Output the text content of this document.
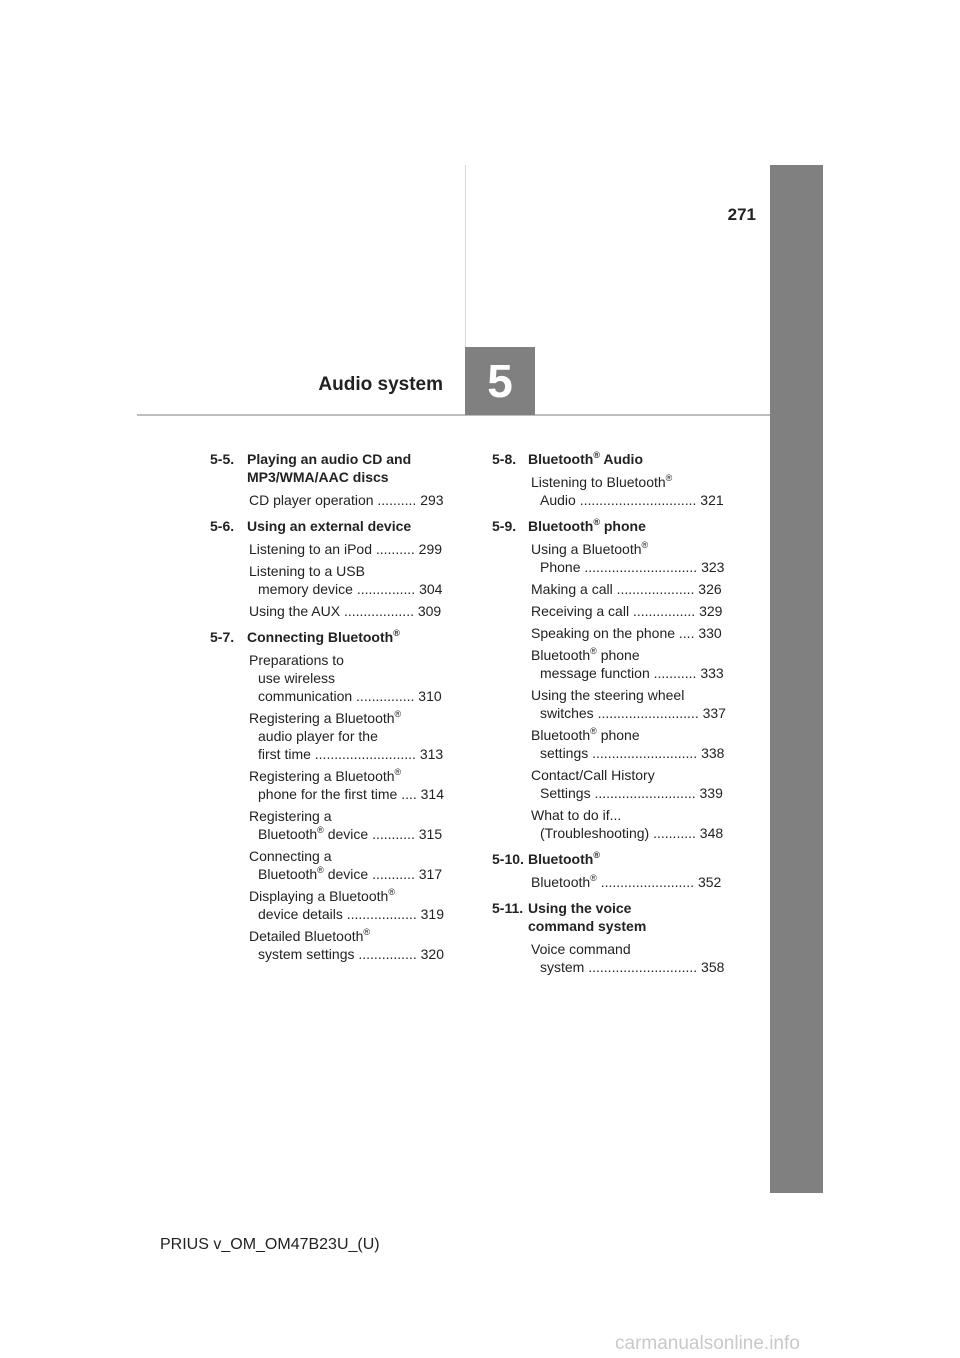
271
5
Audio system
5-5. Playing an audio CD and
MP3/WMA/AAC discs
CD player operation .......... 293
5-6. Using an external device
Listening to an iPod .......... 299
Listening to a USB
memory device ............... 304
Using the AUX .................. 309
5-7. Connecting Bluetooth®
Preparations to
use wireless
communication ............... 310
Registering a Bluetooth®
audio player for the
first time .......................... 313
Registering a Bluetooth®
phone for the first time .... 314
Registering a
Bluetooth® device ........... 315
Connecting a
Bluetooth® device ........... 317
Displaying a Bluetooth®
device details .................. 319
Detailed Bluetooth®
system settings ............... 320
5-8. Bluetooth® Audio
Listening to Bluetooth®
Audio .............................. 321
5-9. Bluetooth® phone
Using a Bluetooth®
Phone ............................. 323
Making a call .................... 326
Receiving a call ................ 329
Speaking on the phone .... 330
Bluetooth® phone
message function ........... 333
Using the steering wheel
switches .......................... 337
Bluetooth® phone
settings ........................... 338
Contact/Call History
Settings .......................... 339
What to do if...
(Troubleshooting) ........... 348
5-10. Bluetooth®
Bluetooth® ........................ 352
5-11. Using the voice
command system
Voice command
system ............................ 358
PRIUS v_OM_OM47B23U_(U)
carmanualsonline.info
